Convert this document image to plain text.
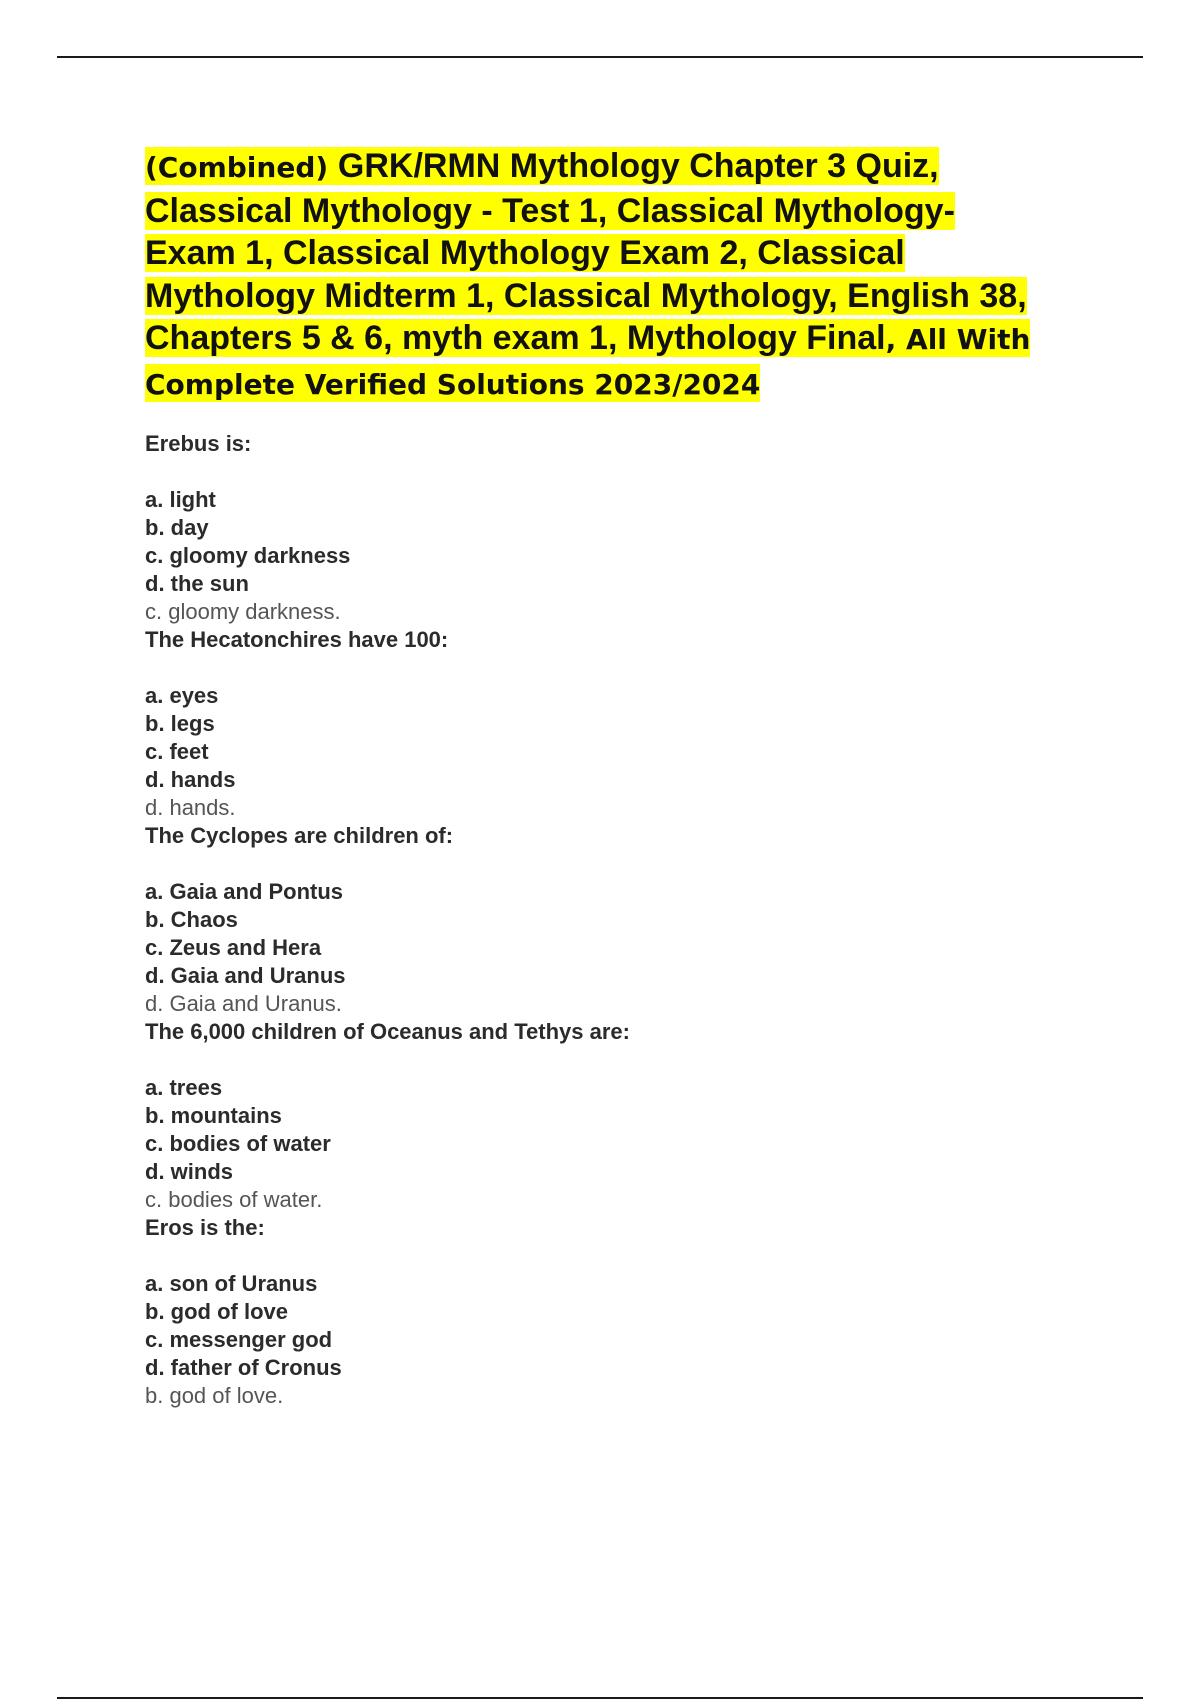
(Combined) GRK/RMN Mythology Chapter 3 Quiz,
Classical Mythology - Test 1, Classical Mythology-
Exam 1, Classical Mythology Exam 2, Classical
Mythology Midterm 1, Classical Mythology, English 38,
Chapters 5 & 6, myth exam 1, Mythology Final, All With
Complete Verified Solutions 2023/2024
Erebus is:
a. light
b. day
c. gloomy darkness
d. the sun
c. gloomy darkness.
The Hecatonchires have 100:
a. eyes
b. legs
c. feet
d. hands
d. hands.
The Cyclopes are children of:
a. Gaia and Pontus
b. Chaos
c. Zeus and Hera
d. Gaia and Uranus
d. Gaia and Uranus.
The 6,000 children of Oceanus and Tethys are:
a. trees
b. mountains
c. bodies of water
d. winds
c. bodies of water.
Eros is the:
a. son of Uranus
b. god of love
c. messenger god
d. father of Cronus
b. god of love.
